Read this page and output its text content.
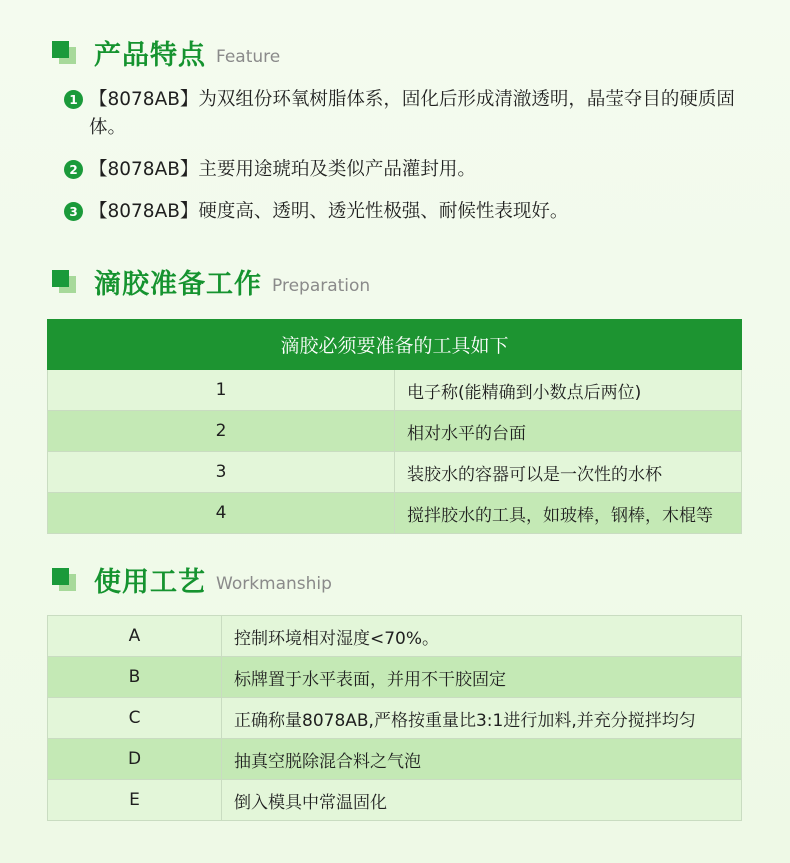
产品特点 Feature
1 【8078AB】为双组份环氧树脂体系，固化后形成清澈透明，晶莹夺目的硬质固体。
2 【8078AB】主要用途琥珀及类似产品灌封用。
3 【8078AB】硬度高、透明、透光性极强、耐候性表现好。
滴胶准备工作 Preparation
滴胶必须要准备的工具如下	
1	电子称(能精确到小数点后两位)
2	相对水平的台面
3	装胶水的容器可以是一次性的水杯
4	搅拌胶水的工具，如玻棒，钢棒，木棍等
使用工艺 Workmanship
A	控制环境相对湿度<70%。
B	标牌置于水平表面，并用不干胶固定
C	正确称量8078AB,严格按重量比3:1进行加料,并充分搅拌均匀
D	抽真空脱除混合料之气泡
E	倒入模具中常温固化
